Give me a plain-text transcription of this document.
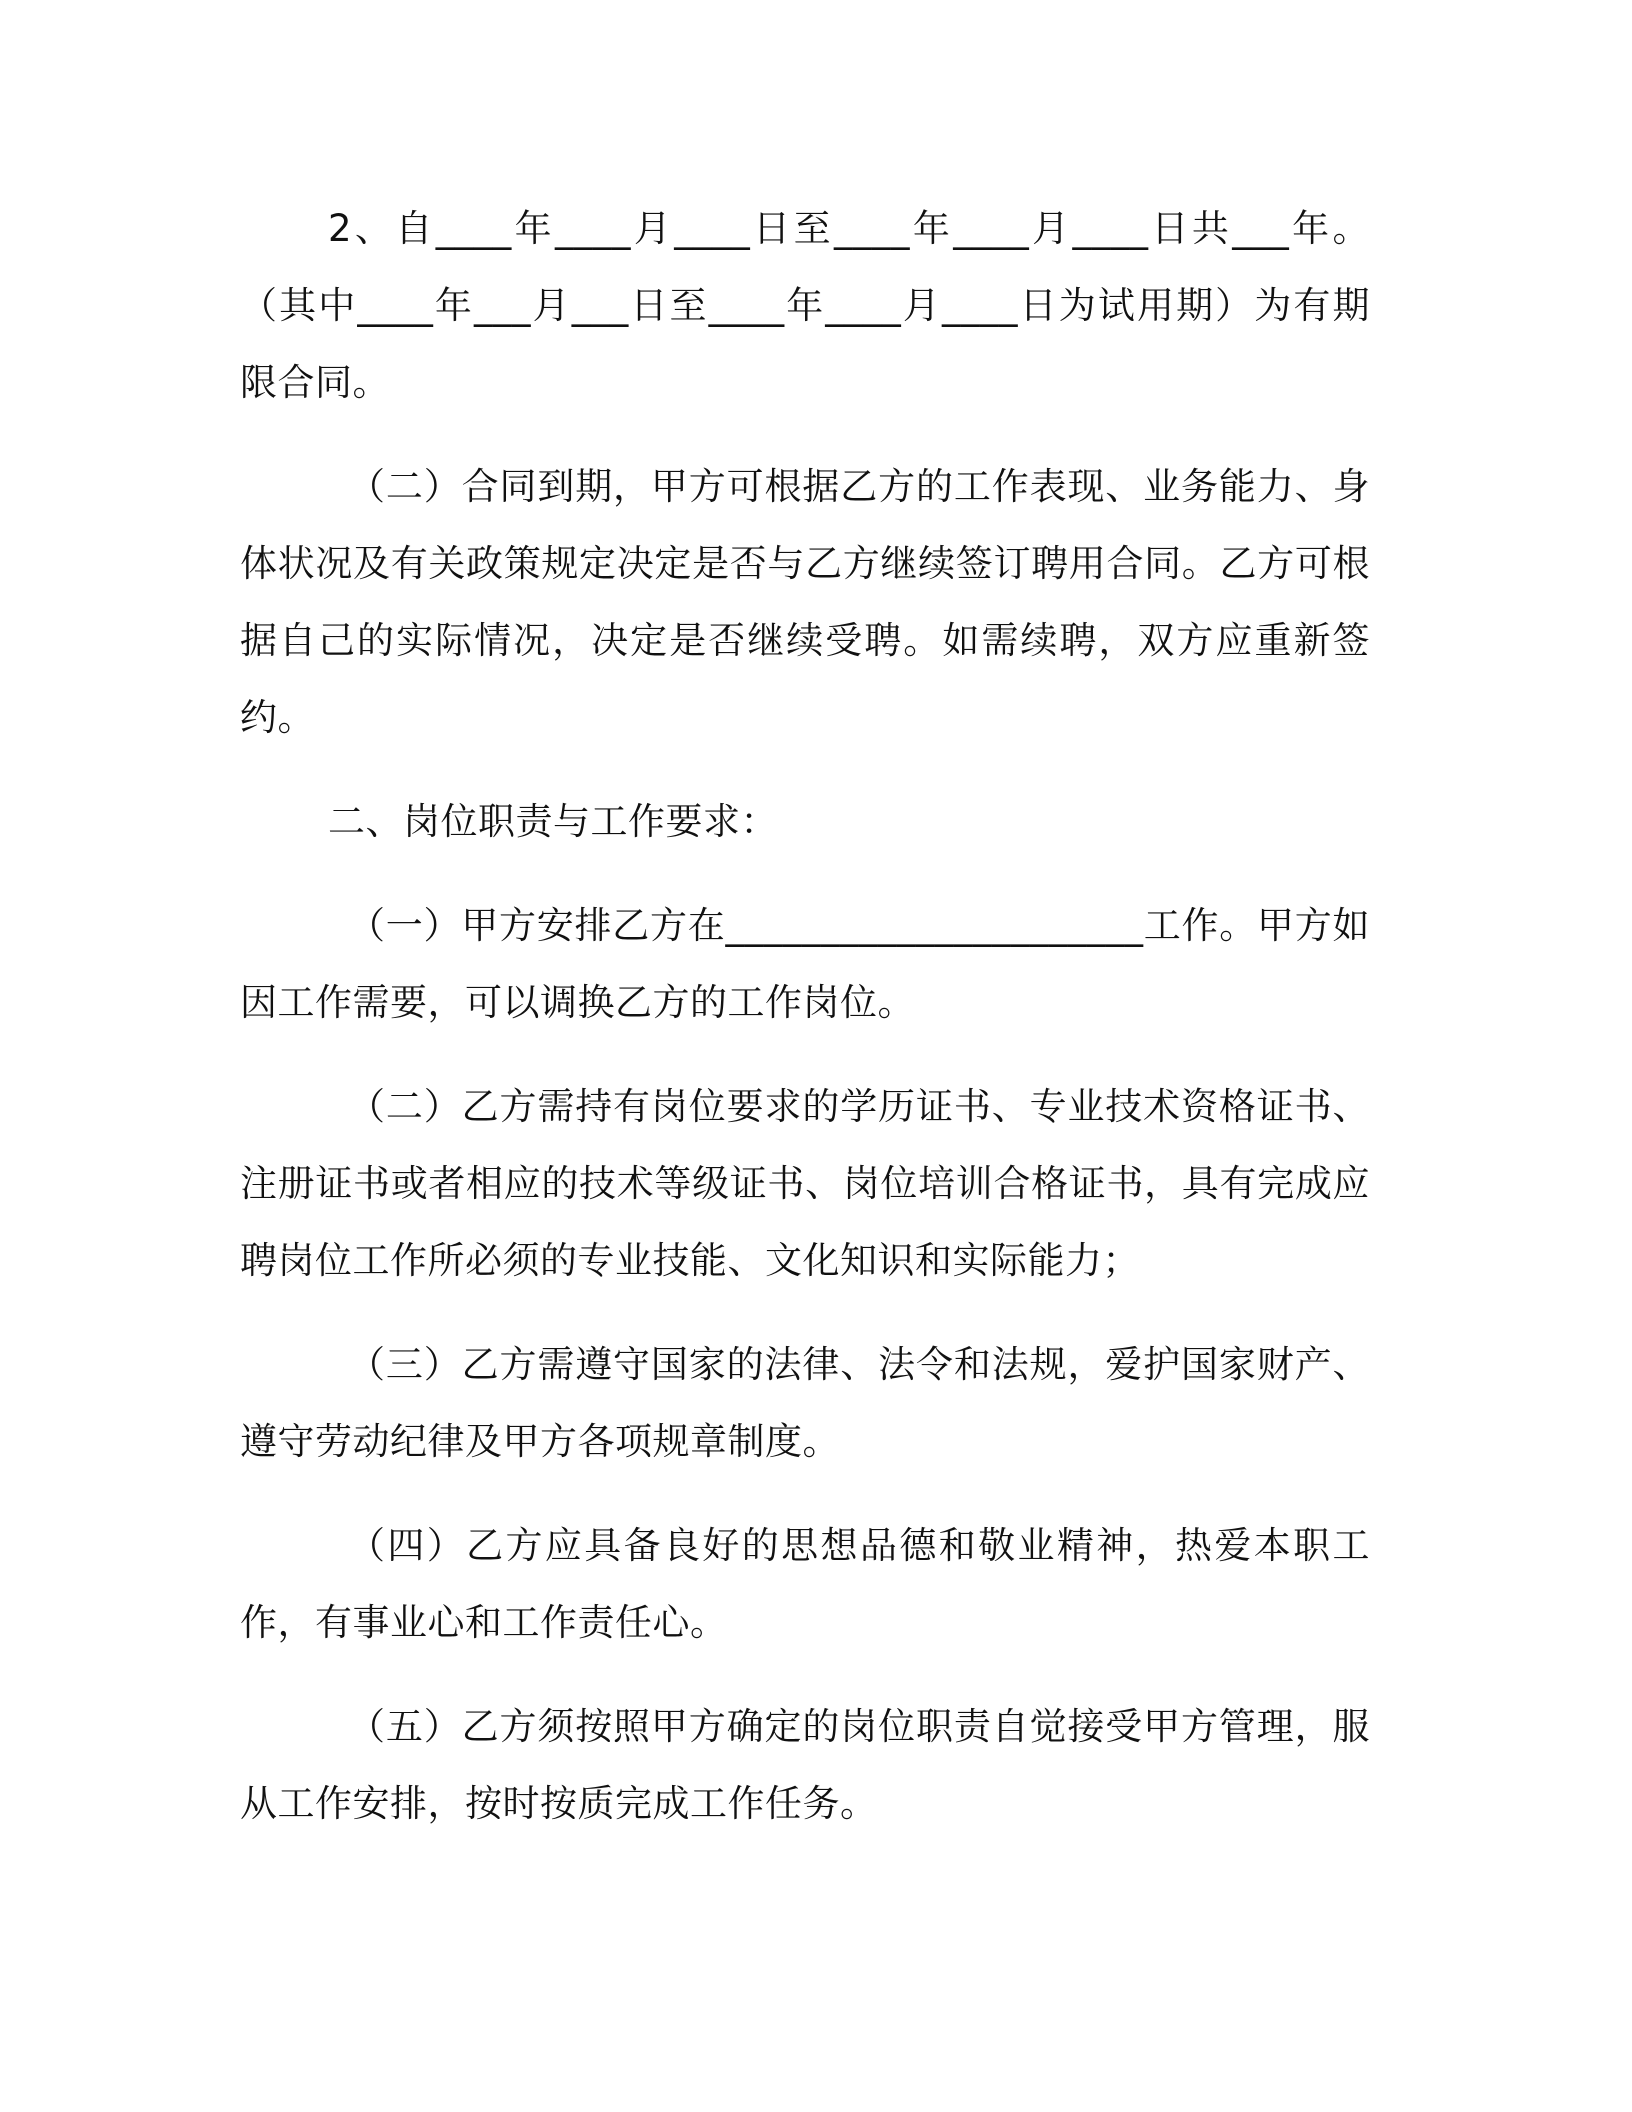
2、自____年____月____日至____年____月____日共___年。（其中____年___月___日至____年____月____日为试用期）为有期限合同。

（二）合同到期，甲方可根据乙方的工作表现、业务能力、身体状况及有关政策规定决定是否与乙方继续签订聘用合同。乙方可根据自己的实际情况，决定是否继续受聘。如需续聘，双方应重新签约。

二、岗位职责与工作要求：

（一）甲方安排乙方在______________________工作。甲方如因工作需要，可以调换乙方的工作岗位。

（二）乙方需持有岗位要求的学历证书、专业技术资格证书、注册证书或者相应的技术等级证书、岗位培训合格证书，具有完成应聘岗位工作所必须的专业技能、文化知识和实际能力；

（三）乙方需遵守国家的法律、法令和法规，爱护国家财产、遵守劳动纪律及甲方各项规章制度。

（四）乙方应具备良好的思想品德和敬业精神，热爱本职工作，有事业心和工作责任心。

（五）乙方须按照甲方确定的岗位职责自觉接受甲方管理，服从工作安排，按时按质完成工作任务。
